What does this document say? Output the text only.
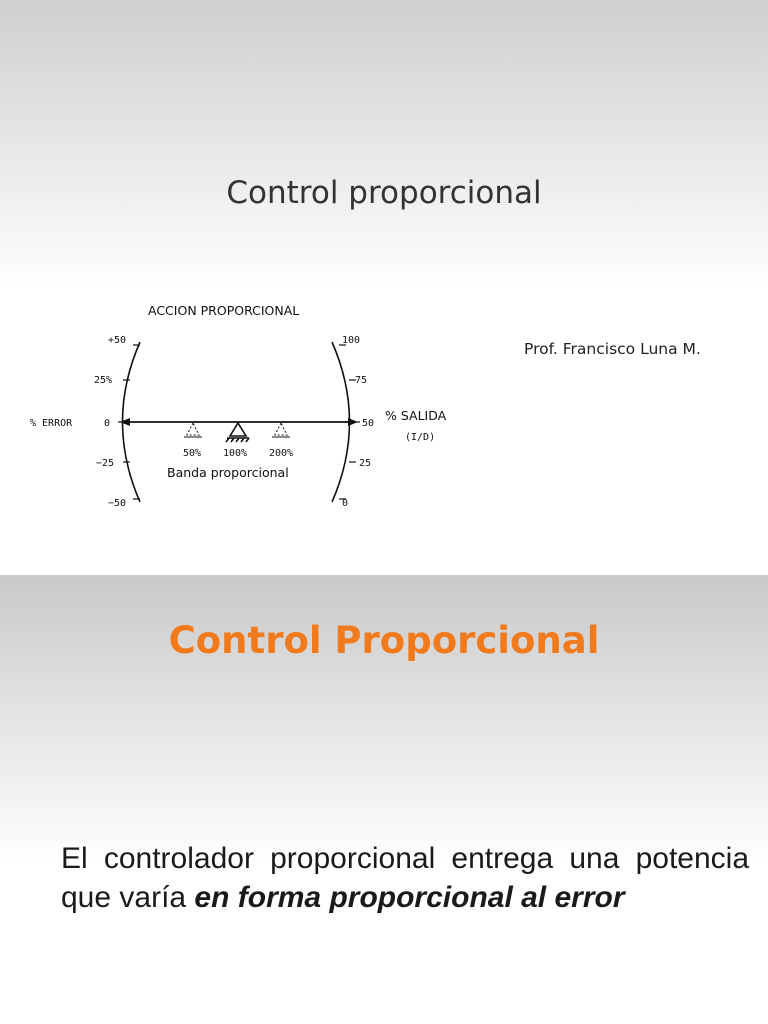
Control proporcional
ACCION PROPORCIONAL
+50
25%
0
−25
−50
% ERROR
100
75
50
25
0
% SALIDA
(I/D)
50% 100% 200%
Banda proporcional
Prof. Francisco Luna M.
Control Proporcional
El controlador proporcional entrega una potencia que varía en forma proporcional al error
